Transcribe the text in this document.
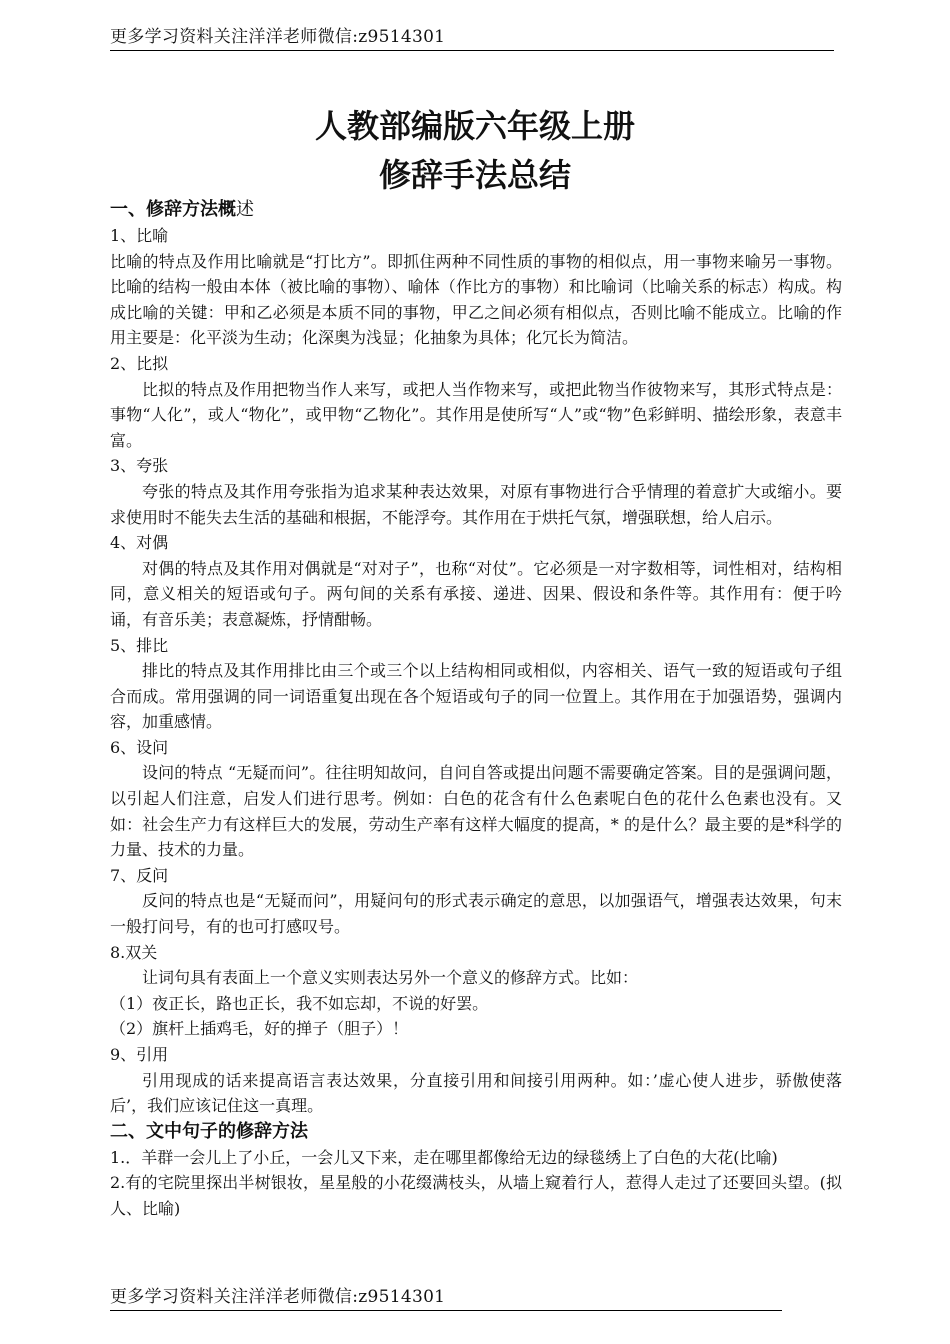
更多学习资料关注洋洋老师微信:z9514301
人教部编版六年级上册
修辞手法总结

一、修辞方法概述

1、比喻

比喻的特点及作用比喻就是“打比方”。即抓住两种不同性质的事物的相似点，用一事物来喻另一事物。比喻的结构一般由本体（被比喻的事物）、喻体（作比方的事物）和比喻词（比喻关系的标志）构成。构成比喻的关键：甲和乙必须是本质不同的事物，甲乙之间必须有相似点，否则比喻不能成立。比喻的作用主要是：化平淡为生动；化深奥为浅显；化抽象为具体；化冗长为简洁。

2、比拟

比拟的特点及作用把物当作人来写，或把人当作物来写，或把此物当作彼物来写，其形式特点是：事物“人化”，或人“物化”，或甲物“乙物化”。其作用是使所写“人”或“物”色彩鲜明、描绘形象，表意丰富。

3、夸张

夸张的特点及其作用夸张指为追求某种表达效果，对原有事物进行合乎情理的着意扩大或缩小。要求使用时不能失去生活的基础和根据，不能浮夸。其作用在于烘托气氛，增强联想，给人启示。

4、对偶

对偶的特点及其作用对偶就是“对对子”，也称“对仗”。它必须是一对字数相等，词性相对，结构相同，意义相关的短语或句子。两句间的关系有承接、递进、因果、假设和条件等。其作用有：便于吟诵，有音乐美；表意凝炼，抒情酣畅。

5、排比

排比的特点及其作用排比由三个或三个以上结构相同或相似，内容相关、语气一致的短语或句子组合而成。常用强调的同一词语重复出现在各个短语或句子的同一位置上。其作用在于加强语势，强调内容，加重感情。

6、设问

设问的特点 “无疑而问”。往往明知故问，自问自答或提出问题不需要确定答案。目的是强调问题，以引起人们注意，启发人们进行思考。例如：白色的花含有什么色素呢白色的花什么色素也没有。又如：社会生产力有这样巨大的发展，劳动生产率有这样大幅度的提高，* 的是什么？最主要的是*科学的力量、技术的力量。

7、反问

反问的特点也是“无疑而问”，用疑问句的形式表示确定的意思，以加强语气，增强表达效果，句末一般打问号，有的也可打感叹号。

8.双关

让词句具有表面上一个意义实则表达另外一个意义的修辞方式。比如：

（1）夜正长，路也正长，我不如忘却，不说的好罢。

（2）旗杆上插鸡毛，好的掸子（胆子）！

9、引用

引用现成的话来提高语言表达效果，分直接引用和间接引用两种。如：’虚心使人进步，骄傲使落后’，我们应该记住这一真理。

二、文中句子的修辞方法

1.．羊群一会儿上了小丘，一会儿又下来，走在哪里都像给无边的绿毯绣上了白色的大花(比喻)

2.有的宅院里探出半树银妆，星星般的小花缀满枝头，从墙上窥着行人，惹得人走过了还要回头望。(拟人、比喻)

更多学习资料关注洋洋老师微信:z9514301
